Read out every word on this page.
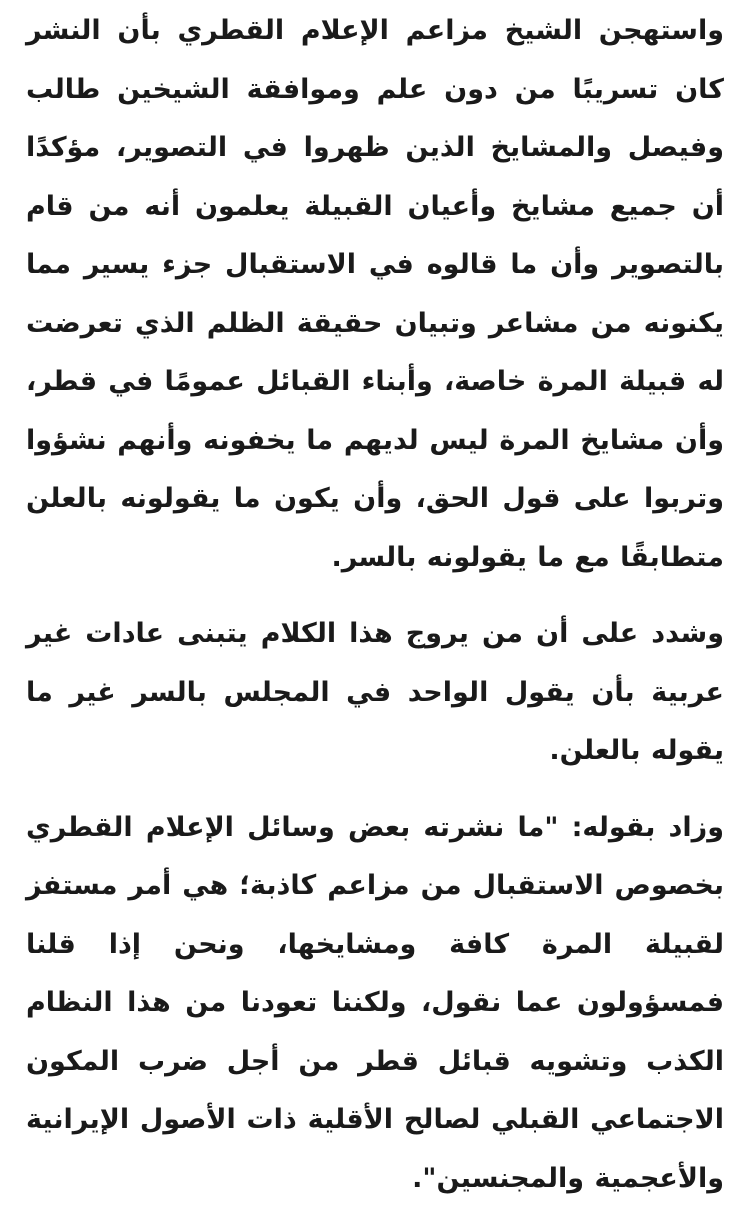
واستهجن الشيخ مزاعم الإعلام القطري بأن النشر كان تسريبًا من دون علم وموافقة الشيخين طالب وفيصل والمشايخ الذين ظهروا في التصوير، مؤكدًا أن جميع مشايخ وأعيان القبيلة يعلمون أنه من قام بالتصوير وأن ما قالوه في الاستقبال جزء يسير مما يكنونه من مشاعر وتبيان حقيقة الظلم الذي تعرضت له قبيلة المرة خاصة، وأبناء القبائل عمومًا في قطر، وأن مشايخ المرة ليس لديهم ما يخفونه وأنهم نشؤوا وتربوا على قول الحق، وأن يكون ما يقولونه بالعلن متطابقًا مع ما يقولونه بالسر.

وشدد على أن من يروج هذا الكلام يتبنى عادات غير عربية بأن يقول الواحد في المجلس بالسر غير ما يقوله بالعلن.

وزاد بقوله: "ما نشرته بعض وسائل الإعلام القطري بخصوص الاستقبال من مزاعم كاذبة؛ هي أمر مستفز لقبيلة المرة كافة ومشايخها، ونحن إذا قلنا فمسؤولون عما نقول، ولكننا تعودنا من هذا النظام الكذب وتشويه قبائل قطر من أجل ضرب المكون الاجتماعي القبلي لصالح الأقلية ذات الأصول الإيرانية والأعجمية والمجنسين".
